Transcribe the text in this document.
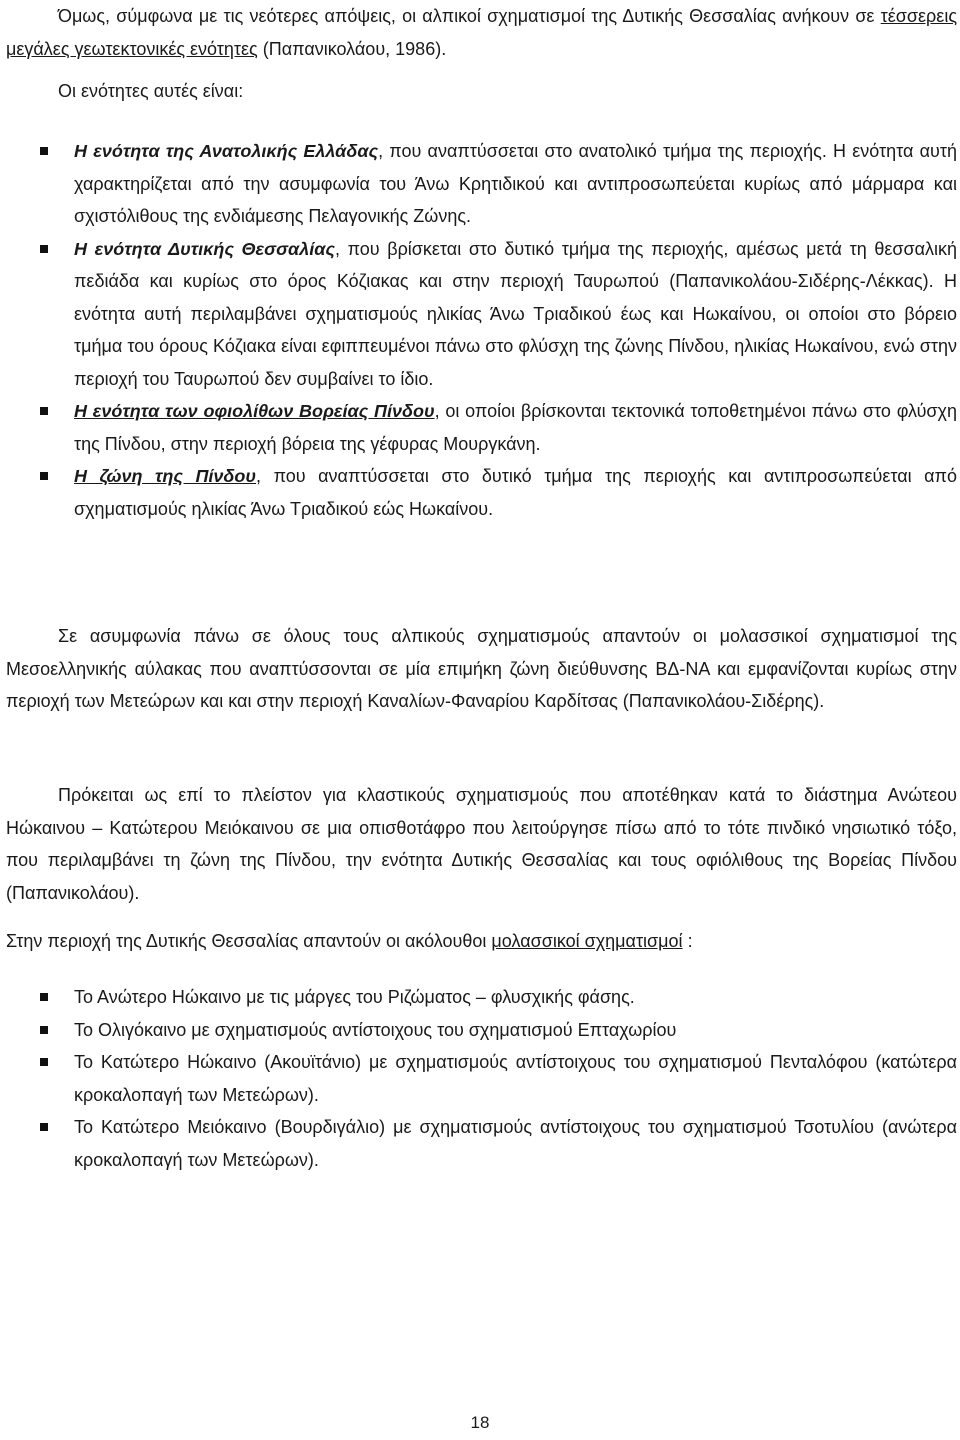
Όμως, σύμφωνα με τις νεότερες απόψεις, οι αλπικοί σχηματισμοί της Δυτικής Θεσσαλίας ανήκουν σε τέσσερεις μεγάλες γεωτεκτονικές ενότητες (Παπανικολάου, 1986).

Οι ενότητες αυτές είναι:

Η ενότητα της Ανατολικής Ελλάδας, που αναπτύσσεται στο ανατολικό τμήμα της περιοχής. Η ενότητα αυτή χαρακτηρίζεται από την ασυμφωνία του Άνω Κρητιδικού και αντιπροσωπεύεται κυρίως από μάρμαρα και σχιστόλιθους της ενδιάμεσης Πελαγονικής Ζώνης.
Η ενότητα Δυτικής Θεσσαλίας, που βρίσκεται στο δυτικό τμήμα της περιοχής, αμέσως μετά τη θεσσαλική πεδιάδα και κυρίως στο όρος Κόζιακας και στην περιοχή Ταυρωπού (Παπανικολάου-Σιδέρης-Λέκκας). Η ενότητα αυτή περιλαμβάνει σχηματισμούς ηλικίας Άνω Τριαδικού έως και Ηωκαίνου, οι οποίοι στο βόρειο τμήμα του όρους Κόζιακα είναι εφιππευμένοι πάνω στο φλύσχη της ζώνης Πίνδου, ηλικίας Ηωκαίνου, ενώ στην περιοχή του Ταυρωπού δεν συμβαίνει το ίδιο.
Η ενότητα των οφιολίθων Βορείας Πίνδου, οι οποίοι βρίσκονται τεκτονικά τοποθετημένοι πάνω στο φλύσχη της Πίνδου, στην περιοχή βόρεια της γέφυρας Μουργκάνη.
Η ζώνη της Πίνδου, που αναπτύσσεται στο δυτικό τμήμα της περιοχής και αντιπροσωπεύεται από σχηματισμούς ηλικίας Άνω Τριαδικού εώς Ηωκαίνου.

Σε ασυμφωνία πάνω σε όλους τους αλπικούς σχηματισμούς απαντούν οι μολασσικοί σχηματισμοί της Μεσοελληνικής αύλακας που αναπτύσσονται σε μία επιμήκη ζώνη διεύθυνσης ΒΔ-ΝΑ και εμφανίζονται κυρίως στην περιοχή των Μετεώρων και και στην περιοχή Καναλίων-Φαναρίου Καρδίτσας (Παπανικολάου-Σιδέρης).

Πρόκειται ως επί το πλείστον για κλαστικούς σχηματισμούς που αποτέθηκαν κατά το διάστημα Ανώτεου Ηώκαινου – Κατώτερου Μειόκαινου σε μια οπισθοτάφρο που λειτούργησε πίσω από το τότε πινδικό νησιωτικό τόξο, που περιλαμβάνει τη ζώνη της Πίνδου, την ενότητα Δυτικής Θεσσαλίας και τους οφιόλιθους της Βορείας Πίνδου (Παπανικολάου).

Στην περιοχή της Δυτικής Θεσσαλίας απαντούν οι ακόλουθοι μολασσικοί σχηματισμοί :

Το Ανώτερο Ηώκαινο με τις μάργες του Ριζώματος – φλυσχικής φάσης.
Το Ολιγόκαινο με σχηματισμούς αντίστοιχους του σχηματισμού Επταχωρίου
Το Κατώτερο Ηώκαινο (Ακουϊτάνιο) με σχηματισμούς αντίστοιχους του σχηματισμού Πενταλόφου (κατώτερα κροκαλοπαγή των Μετεώρων).
Το Κατώτερο Μειόκαινο (Βουρδιγάλιο) με σχηματισμούς αντίστοιχους του σχηματισμού Τσοτυλίου (ανώτερα κροκαλοπαγή των Μετεώρων).
18
